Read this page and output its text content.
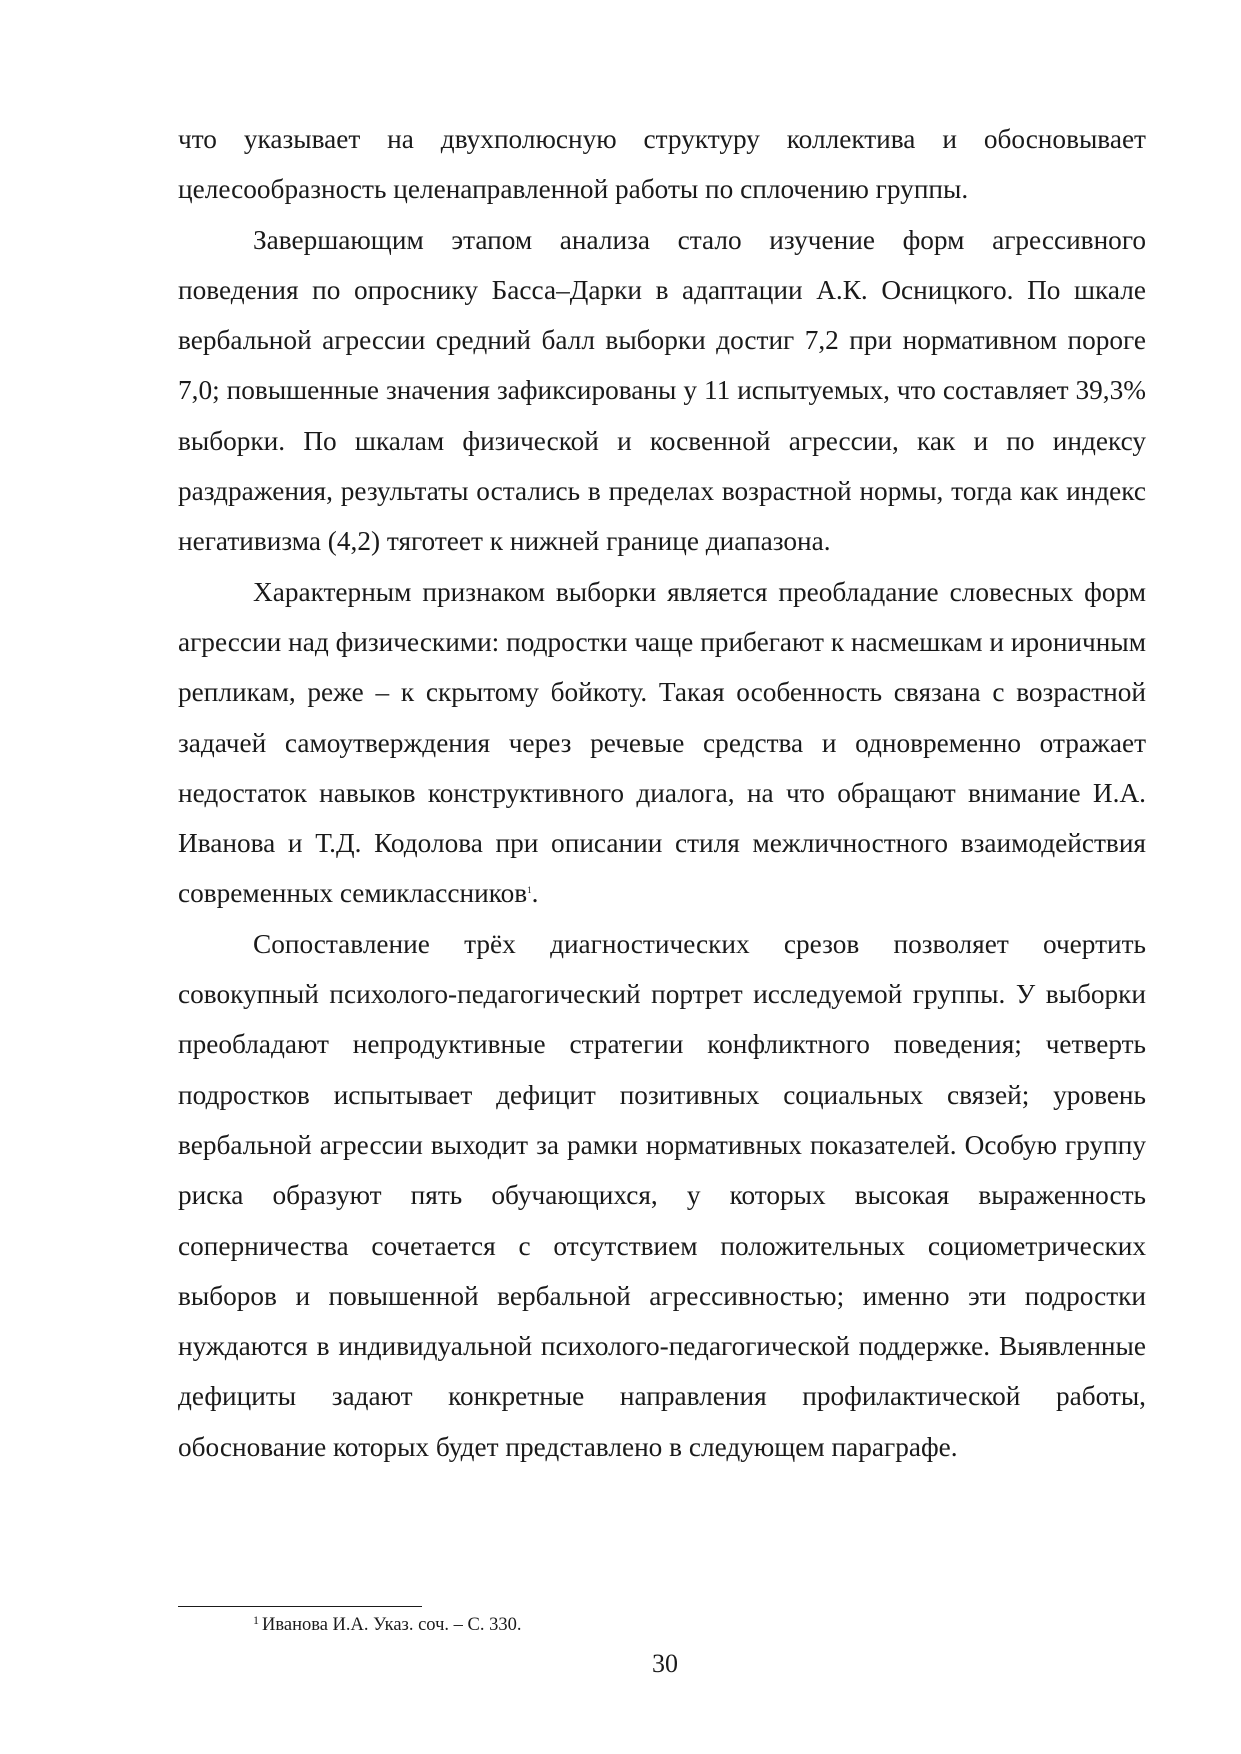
что указывает на двухполюсную структуру коллектива и обосновывает целесообразность целенаправленной работы по сплочению группы.

Завершающим этапом анализа стало изучение форм агрессивного поведения по опроснику Басса–Дарки в адаптации А.К. Осницкого. По шкале вербальной агрессии средний балл выборки достиг 7,2 при нормативном пороге 7,0; повышенные значения зафиксированы у 11 испытуемых, что составляет 39,3% выборки. По шкалам физической и косвенной агрессии, как и по индексу раздражения, результаты остались в пределах возрастной нормы, тогда как индекс негативизма (4,2) тяготеет к нижней границе диапазона.

Характерным признаком выборки является преобладание словесных форм агрессии над физическими: подростки чаще прибегают к насмешкам и ироничным репликам, реже – к скрытому бойкоту. Такая особенность связана с возрастной задачей самоутверждения через речевые средства и одновременно отражает недостаток навыков конструктивного диалога, на что обращают внимание И.А. Иванова и Т.Д. Кодолова при описании стиля межличностного взаимодействия современных семиклассников$^1$.

Сопоставление трёх диагностических срезов позволяет очертить совокупный психолого-педагогический портрет исследуемой группы. У выборки преобладают непродуктивные стратегии конфликтного поведения; четверть подростков испытывает дефицит позитивных социальных связей; уровень вербальной агрессии выходит за рамки нормативных показателей. Особую группу риска образуют пять обучающихся, у которых высокая выраженность соперничества сочетается с отсутствием положительных социометрических выборов и повышенной вербальной агрессивностью; именно эти подростки нуждаются в индивидуальной психолого-педагогической поддержке. Выявленные дефициты задают конкретные направления профилактической работы, обоснование которых будет представлено в следующем параграфе.

$^1$ Иванова И.А. Указ. соч. – С. 330.
30
